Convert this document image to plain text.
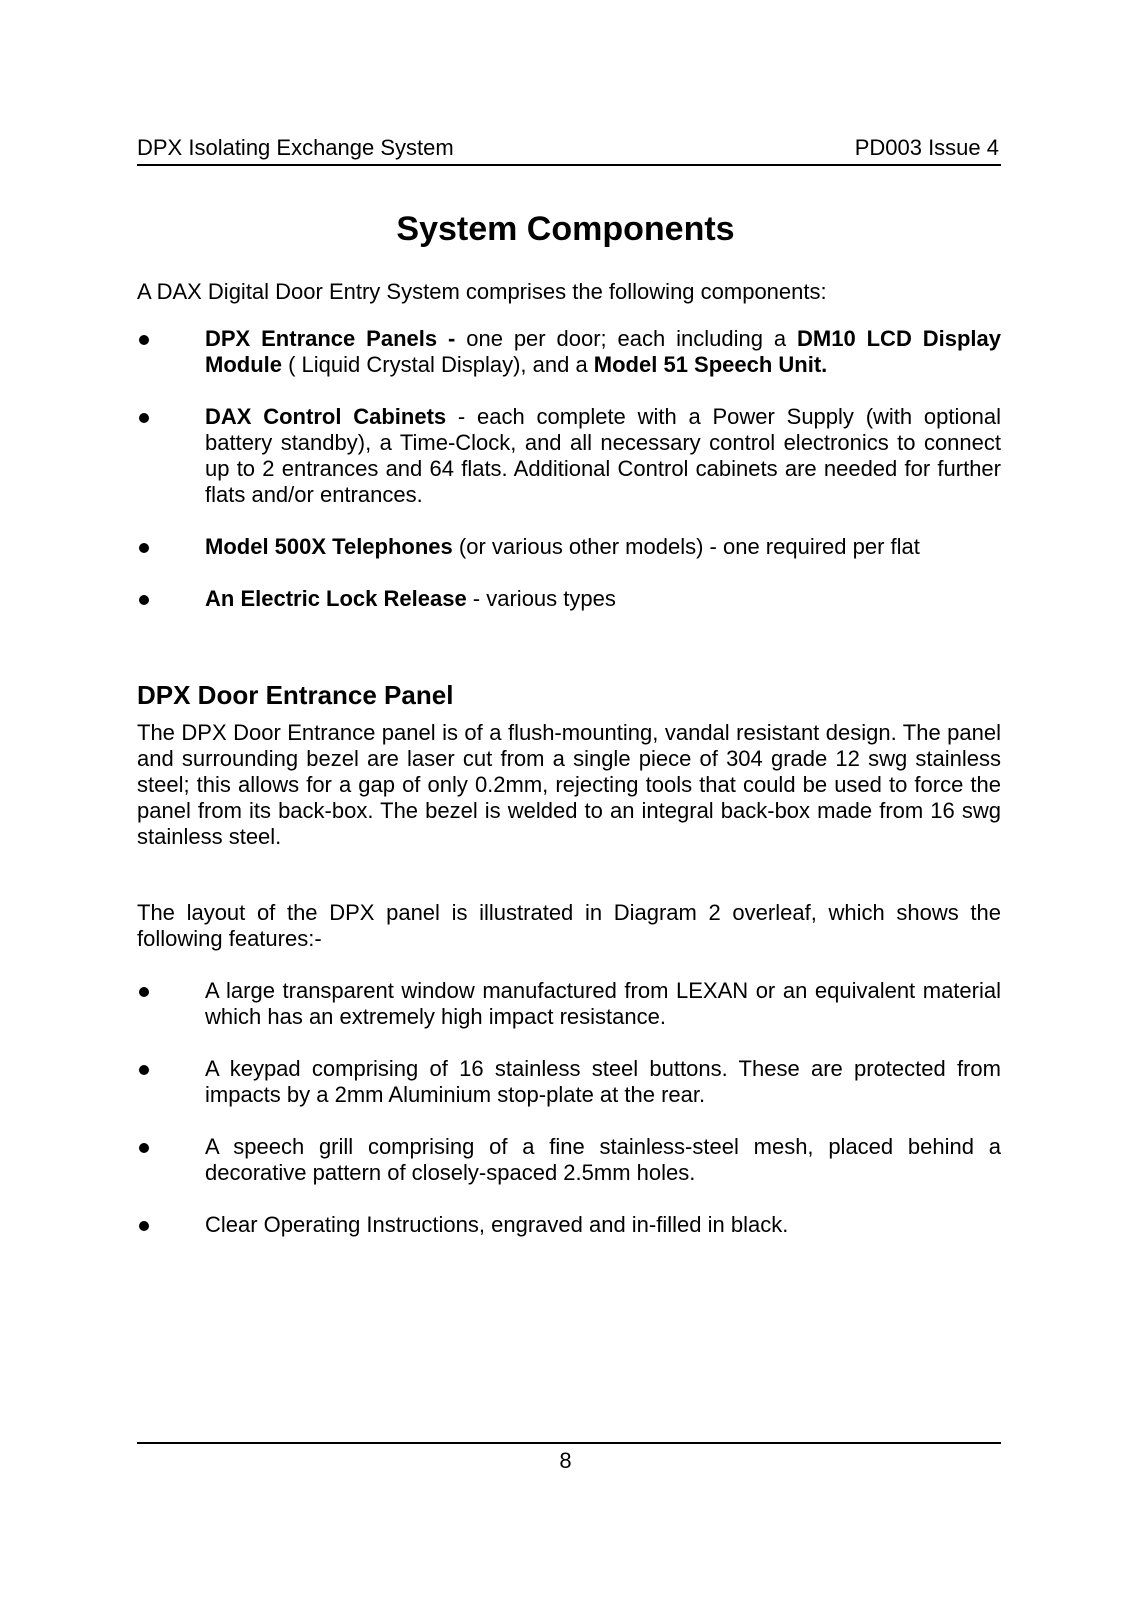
DPX Isolating Exchange System	PD003 Issue 4
System Components

A DAX Digital Door Entry System comprises the following components:

DPX Entrance Panels - one per door; each including a DM10 LCD Display Module ( Liquid Crystal Display), and a Model 51 Speech Unit.
DAX Control Cabinets - each complete with a Power Supply (with optional battery standby), a Time-Clock, and all necessary control electronics to connect up to 2 entrances and 64 flats. Additional Control cabinets are needed for further flats and/or entrances.
Model 500X Telephones (or various other models) - one required per flat
An Electric Lock Release - various types
DPX Door Entrance Panel

The DPX Door Entrance panel is of a flush-mounting, vandal resistant design. The panel and surrounding bezel are laser cut from a single piece of 304 grade 12 swg stainless steel; this allows for a gap of only 0.2mm, rejecting tools that could be used to force the panel from its back-box. The bezel is welded to an integral back-box made from 16 swg stainless steel.

The layout of the DPX panel is illustrated in Diagram 2 overleaf, which shows the following features:-

A large transparent window manufactured from LEXAN or an equivalent material which has an extremely high impact resistance.
A keypad comprising of 16 stainless steel buttons. These are protected from impacts by a 2mm Aluminium stop-plate at the rear.
A speech grill comprising of a fine stainless-steel mesh, placed behind a decorative pattern of closely-spaced 2.5mm holes.
Clear Operating Instructions, engraved and in-filled in black.
8
